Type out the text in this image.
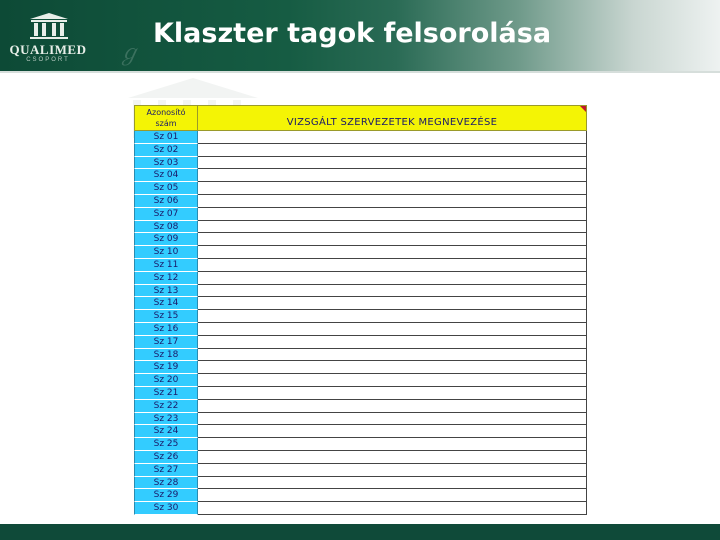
QUALIMED
CSOPORT	ℊ
Klaszter tagok felsorolása
Azonosító szám	VIZSGÁLT SZERVEZETEK MEGNEVEZÉSE
Sz 01
Sz 02
Sz 03
Sz 04
Sz 05
Sz 06
Sz 07
Sz 08
Sz 09
Sz 10
Sz 11
Sz 12
Sz 13
Sz 14
Sz 15
Sz 16
Sz 17
Sz 18
Sz 19
Sz 20
Sz 21
Sz 22
Sz 23
Sz 24
Sz 25
Sz 26
Sz 27
Sz 28
Sz 29
Sz 30
